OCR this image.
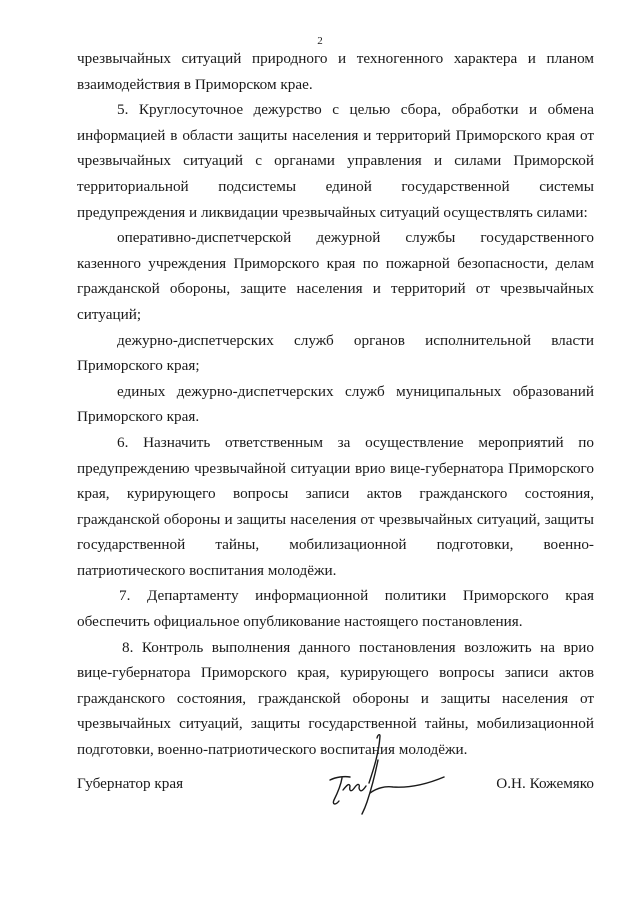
2

чрезвычайных ситуаций природного и техногенного характера и планом взаимодействия в Приморском крае.

5. Круглосуточное дежурство с целью сбора, обработки и обмена информацией в области защиты населения и территорий Приморского края от чрезвычайных ситуаций с органами управления и силами Приморской территориальной подсистемы единой государственной системы предупреждения и ликвидации чрезвычайных ситуаций осуществлять силами:

оперативно-диспетчерской дежурной службы государственного казенного учреждения Приморского края по пожарной безопасности, делам гражданской обороны, защите населения и территорий от чрезвычайных ситуаций;

дежурно-диспетчерских служб органов исполнительной власти Приморского края;

единых дежурно-диспетчерских служб муниципальных образований Приморского края.

6. Назначить ответственным за осуществление мероприятий по предупреждению чрезвычайной ситуации врио вице-губернатора Приморского края, курирующего вопросы записи актов гражданского состояния, гражданской обороны и защиты населения от чрезвычайных ситуаций, защиты государственной тайны, мобилизационной подготовки, военно-патриотического воспитания молодёжи.

7. Департаменту информационной политики Приморского края обеспечить официальное опубликование настоящего постановления.

8. Контроль выполнения данного постановления возложить на врио вице-губернатора Приморского края, курирующего вопросы записи актов гражданского состояния, гражданской обороны и защиты населения от чрезвычайных ситуаций, защиты государственной тайны, мобилизационной подготовки, военно-патриотического воспитания молодёжи.

Губернатор края	О.Н. Кожемяко
